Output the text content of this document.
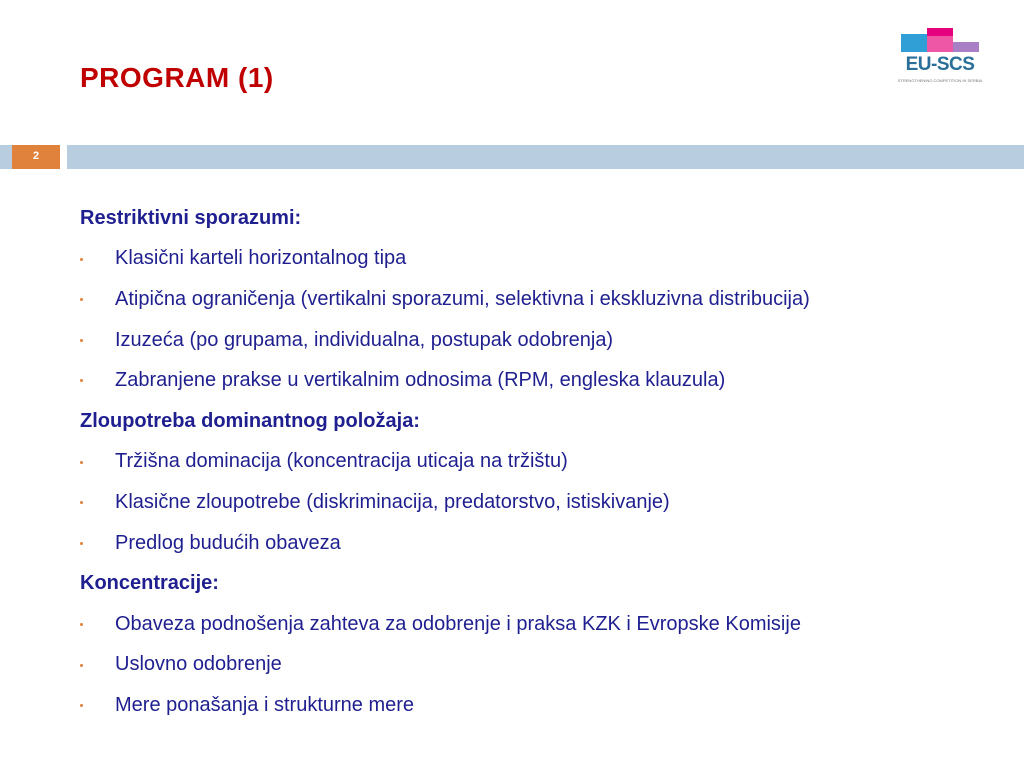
PROGRAM (1)	EU-SCS
STRENGTHENING COMPETITION IN SERBIA
2
Restriktivni sporazumi:
Klasični karteli horizontalnog tipa
Atipična ograničenja (vertikalni sporazumi, selektivna i ekskluzivna distribucija)
Izuzeća (po grupama, individualna, postupak odobrenja)
Zabranjene prakse u vertikalnim odnosima (RPM, engleska klauzula)
Zloupotreba dominantnog položaja:
Tržišna dominacija (koncentracija uticaja na tržištu)
Klasične zloupotrebe (diskriminacija, predatorstvo, istiskivanje)
Predlog budućih obaveza
Koncentracije:
Obaveza podnošenja zahteva za odobrenje i praksa KZK i Evropske Komisije
Uslovno odobrenje
Mere ponašanja i strukturne mere
